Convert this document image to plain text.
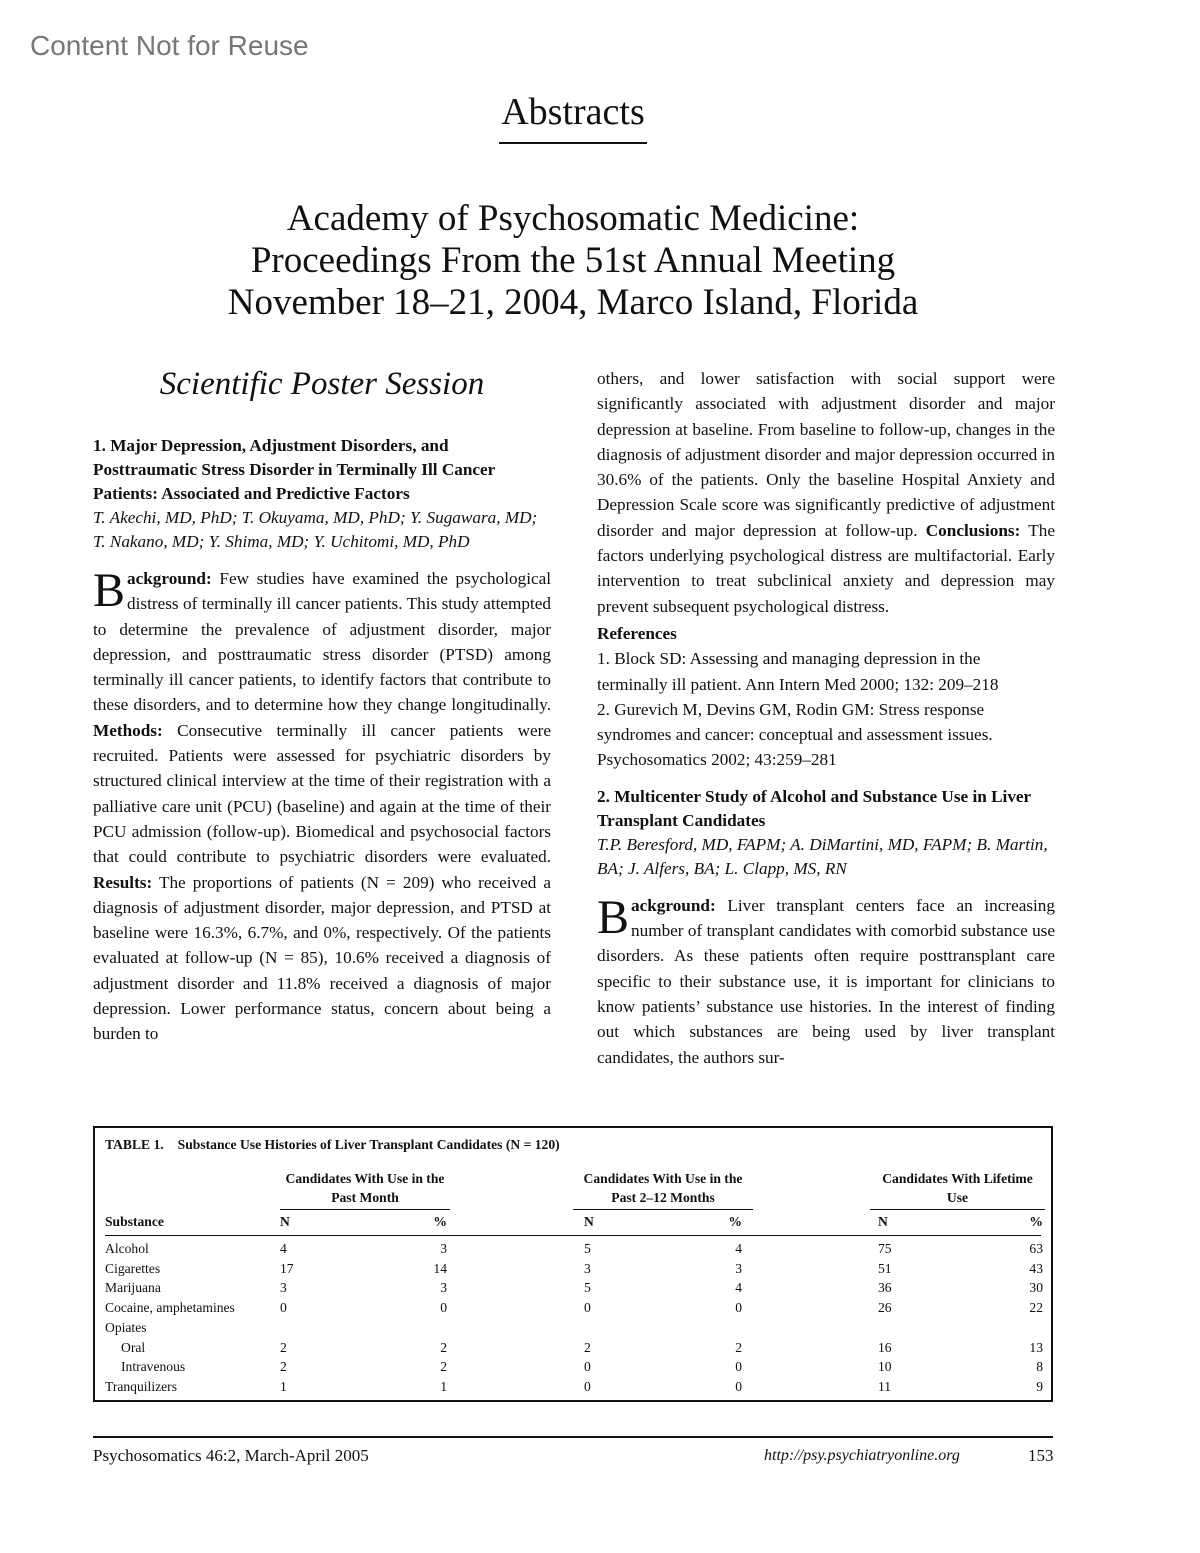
Content Not for Reuse
Abstracts
Academy of Psychosomatic Medicine:
Proceedings From the 51st Annual Meeting
November 18–21, 2004, Marco Island, Florida
Scientific Poster Session
1. Major Depression, Adjustment Disorders, and Posttraumatic Stress Disorder in Terminally Ill Cancer Patients: Associated and Predictive Factors
T. Akechi, MD, PhD; T. Okuyama, MD, PhD; Y. Sugawara, MD; T. Nakano, MD; Y. Shima, MD; Y. Uchitomi, MD, PhD

Background: Few studies have examined the psychological distress of terminally ill cancer patients. This study attempted to determine the prevalence of adjustment disorder, major depression, and posttraumatic stress disorder (PTSD) among terminally ill cancer patients, to identify factors that contribute to these disorders, and to determine how they change longitudinally. Methods: Consecutive terminally ill cancer patients were recruited. Patients were assessed for psychiatric disorders by structured clinical interview at the time of their registration with a palliative care unit (PCU) (baseline) and again at the time of their PCU admission (follow-up). Biomedical and psychosocial factors that could contribute to psychiatric disorders were evaluated. Results: The proportions of patients (N = 209) who received a diagnosis of adjustment disorder, major depression, and PTSD at baseline were 16.3%, 6.7%, and 0%, respectively. Of the patients evaluated at follow-up (N = 85), 10.6% received a diagnosis of adjustment disorder and 11.8% received a diagnosis of major depression. Lower performance status, concern about being a burden to

others, and lower satisfaction with social support were significantly associated with adjustment disorder and major depression at baseline. From baseline to follow-up, changes in the diagnosis of adjustment disorder and major depression occurred in 30.6% of the patients. Only the baseline Hospital Anxiety and Depression Scale score was significantly predictive of adjustment disorder and major depression at follow-up. Conclusions: The factors underlying psychological distress are multifactorial. Early intervention to treat subclinical anxiety and depression may prevent subsequent psychological distress.

References
1. Block SD: Assessing and managing depression in the terminally ill patient. Ann Intern Med 2000; 132: 209–218
2. Gurevich M, Devins GM, Rodin GM: Stress response syndromes and cancer: conceptual and assessment issues. Psychosomatics 2002; 43:259–281
2. Multicenter Study of Alcohol and Substance Use in Liver Transplant Candidates
T.P. Beresford, MD, FAPM; A. DiMartini, MD, FAPM; B. Martin, BA; J. Alfers, BA; L. Clapp, MS, RN

Background: Liver transplant centers face an increasing number of transplant candidates with comorbid substance use disorders. As these patients often require posttransplant care specific to their substance use, it is important for clinicians to know patients’ substance use histories. In the interest of finding out which substances are being used by liver transplant candidates, the authors sur-

TABLE 1. Substance Use Histories of Liver Transplant Candidates (N = 120)
Candidates With Use in the Past Month
Candidates With Use in the Past 2–12 Months
Candidates With Lifetime Use
Substance	N	%	N	%	N	%
Alcohol	4	3	5	4	75	63
Cigarettes	17	14	3	3	51	43
Marijuana	3	3	5	4	36	30
Cocaine, amphetamines	0	0	0	0	26	22
Opiates
Oral	2	2	2	2	16	13
Intravenous	2	2	0	0	10	8
Tranquilizers	1	1	0	0	11	9
Psychosomatics 46:2, March-April 2005	http://psy.psychiatryonline.org	153
